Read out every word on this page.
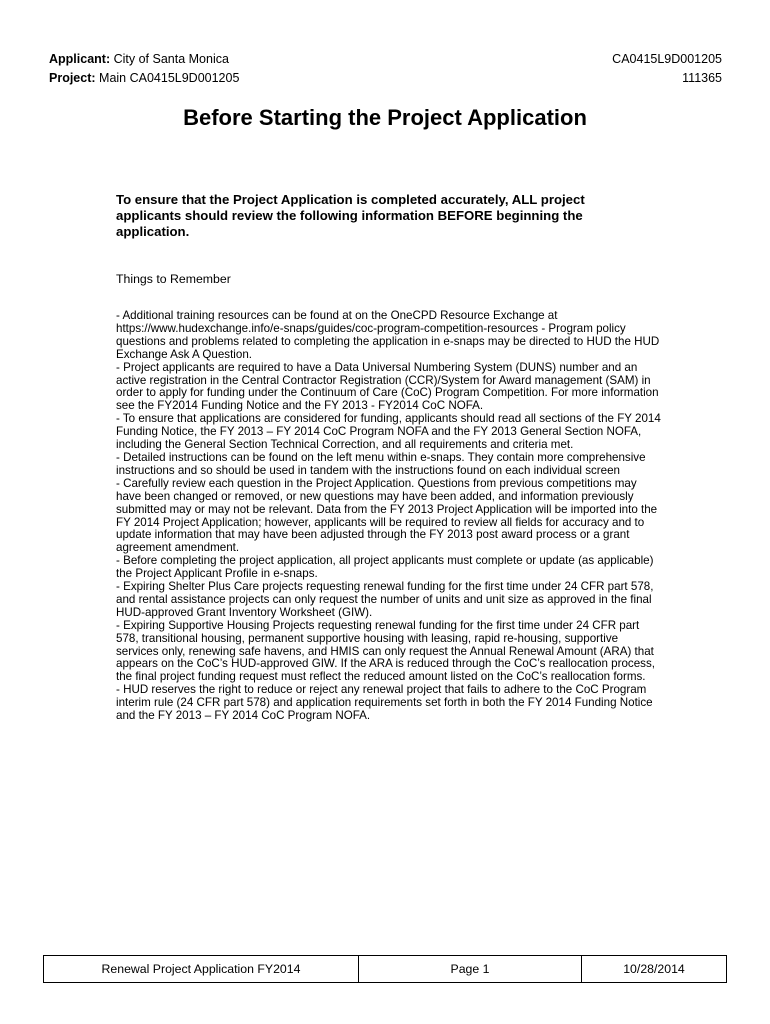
Applicant: City of Santa Monica
Project: Main CA0415L9D001205
CA0415L9D001205
111365
Before Starting the Project Application

To ensure that the Project Application is completed accurately, ALL project applicants should review the following information BEFORE beginning the application.

Things to Remember

- Additional training resources can be found at on the OneCPD Resource Exchange at https://www.hudexchange.info/e-snaps/guides/coc-program-competition-resources - Program policy questions and problems related to completing the application in e-snaps may be directed to HUD the HUD Exchange Ask A Question.

- Project applicants are required to have a Data Universal Numbering System (DUNS) number and an active registration in the Central Contractor Registration (CCR)/System for Award management (SAM) in order to apply for funding under the Continuum of Care (CoC) Program Competition. For more information see the FY2014 Funding Notice and the FY 2013 - FY2014 CoC NOFA.

- To ensure that applications are considered for funding, applicants should read all sections of the FY 2014 Funding Notice, the FY 2013 – FY 2014 CoC Program NOFA and the FY 2013 General Section NOFA, including the General Section Technical Correction, and all requirements and criteria met.

- Detailed instructions can be found on the left menu within e-snaps. They contain more comprehensive instructions and so should be used in tandem with the instructions found on each individual screen

- Carefully review each question in the Project Application. Questions from previous competitions may have been changed or removed, or new questions may have been added, and information previously submitted may or may not be relevant. Data from the FY 2013 Project Application will be imported into the FY 2014 Project Application; however, applicants will be required to review all fields for accuracy and to update information that may have been adjusted through the FY 2013 post award process or a grant agreement amendment.

- Before completing the project application, all project applicants must complete or update (as applicable) the Project Applicant Profile in e-snaps.

- Expiring Shelter Plus Care projects requesting renewal funding for the first time under 24 CFR part 578, and rental assistance projects can only request the number of units and unit size as approved in the final HUD-approved Grant Inventory Worksheet (GIW).

- Expiring Supportive Housing Projects requesting renewal funding for the first time under 24 CFR part 578, transitional housing, permanent supportive housing with leasing, rapid re-housing, supportive services only, renewing safe havens, and HMIS can only request the Annual Renewal Amount (ARA) that appears on the CoC’s HUD-approved GIW. If the ARA is reduced through the CoC’s reallocation process, the final project funding request must reflect the reduced amount listed on the CoC’s reallocation forms.

- HUD reserves the right to reduce or reject any renewal project that fails to adhere to the CoC Program interim rule (24 CFR part 578) and application requirements set forth in both the FY 2014 Funding Notice and the FY 2013 – FY 2014 CoC Program NOFA.

Renewal Project Application FY2014	Page 1	10/28/2014
